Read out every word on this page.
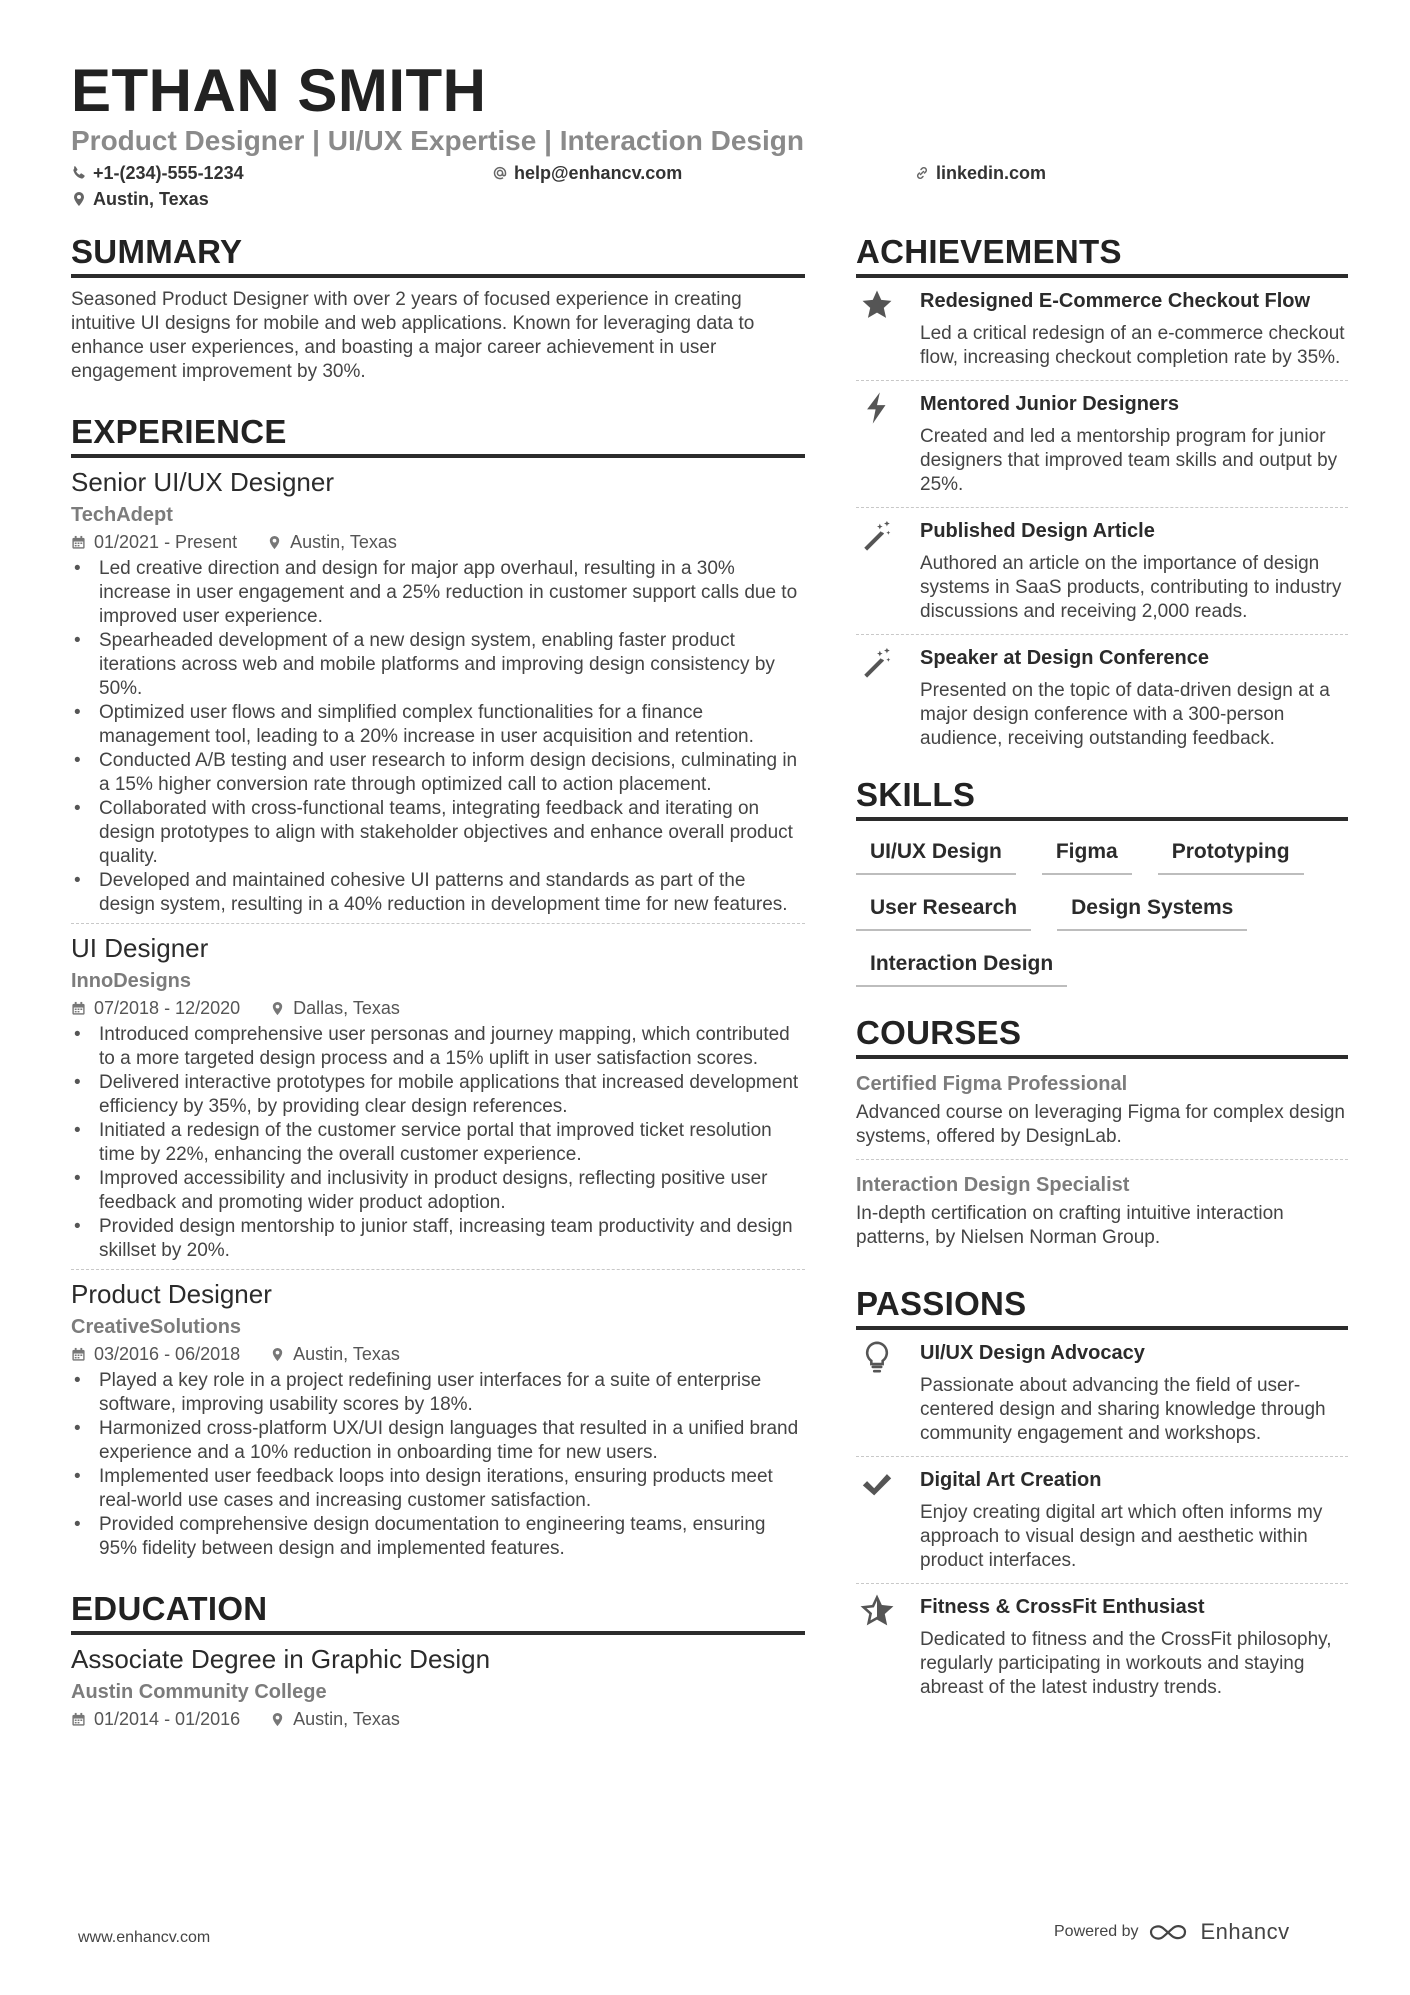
ETHAN SMITH
Product Designer | UI/UX Expertise | Interaction Design
+1-(234)-555-1234	help@enhancv.com	linkedin.com
Austin, Texas
SUMMARY

Seasoned Product Designer with over 2 years of focused experience in creating intuitive UI designs for mobile and web applications. Known for leveraging data to enhance user experiences, and boasting a major career achievement in user engagement improvement by 30%.

EXPERIENCE
Senior UI/UX Designer
TechAdept
01/2021 - Present	Austin, Texas
• Led creative direction and design for major app overhaul, resulting in a 30% increase in user engagement and a 25% reduction in customer support calls due to improved user experience.
• Spearheaded development of a new design system, enabling faster product iterations across web and mobile platforms and improving design consistency by 50%.
• Optimized user flows and simplified complex functionalities for a finance management tool, leading to a 20% increase in user acquisition and retention.
• Conducted A/B testing and user research to inform design decisions, culminating in a 15% higher conversion rate through optimized call to action placement.
• Collaborated with cross-functional teams, integrating feedback and iterating on design prototypes to align with stakeholder objectives and enhance overall product quality.
• Developed and maintained cohesive UI patterns and standards as part of the design system, resulting in a 40% reduction in development time for new features.
UI Designer
InnoDesigns
07/2018 - 12/2020	Dallas, Texas
• Introduced comprehensive user personas and journey mapping, which contributed to a more targeted design process and a 15% uplift in user satisfaction scores.
• Delivered interactive prototypes for mobile applications that increased development efficiency by 35%, by providing clear design references.
• Initiated a redesign of the customer service portal that improved ticket resolution time by 22%, enhancing the overall customer experience.
• Improved accessibility and inclusivity in product designs, reflecting positive user feedback and promoting wider product adoption.
• Provided design mentorship to junior staff, increasing team productivity and design skillset by 20%.
Product Designer
CreativeSolutions
03/2016 - 06/2018	Austin, Texas
• Played a key role in a project redefining user interfaces for a suite of enterprise software, improving usability scores by 18%.
• Harmonized cross-platform UX/UI design languages that resulted in a unified brand experience and a 10% reduction in onboarding time for new users.
• Implemented user feedback loops into design iterations, ensuring products meet real-world use cases and increasing customer satisfaction.
• Provided comprehensive design documentation to engineering teams, ensuring 95% fidelity between design and implemented features.
EDUCATION
Associate Degree in Graphic Design
Austin Community College
01/2014 - 01/2016	Austin, Texas
ACHIEVEMENTS
Redesigned E-Commerce Checkout Flow
Led a critical redesign of an e-commerce checkout flow, increasing checkout completion rate by 35%.
Mentored Junior Designers
Created and led a mentorship program for junior designers that improved team skills and output by 25%.
Published Design Article
Authored an article on the importance of design systems in SaaS products, contributing to industry discussions and receiving 2,000 reads.
Speaker at Design Conference
Presented on the topic of data-driven design at a major design conference with a 300-person audience, receiving outstanding feedback.
SKILLS
UI/UX Design	Figma	Prototyping
User Research	Design Systems
Interaction Design
COURSES
Certified Figma Professional
Advanced course on leveraging Figma for complex design systems, offered by DesignLab.
Interaction Design Specialist
In-depth certification on crafting intuitive interaction patterns, by Nielsen Norman Group.
PASSIONS
UI/UX Design Advocacy
Passionate about advancing the field of user-centered design and sharing knowledge through community engagement and workshops.
Digital Art Creation
Enjoy creating digital art which often informs my approach to visual design and aesthetic within product interfaces.
Fitness & CrossFit Enthusiast
Dedicated to fitness and the CrossFit philosophy, regularly participating in workouts and staying abreast of the latest industry trends.
www.enhancv.com	Powered by	Enhancv
